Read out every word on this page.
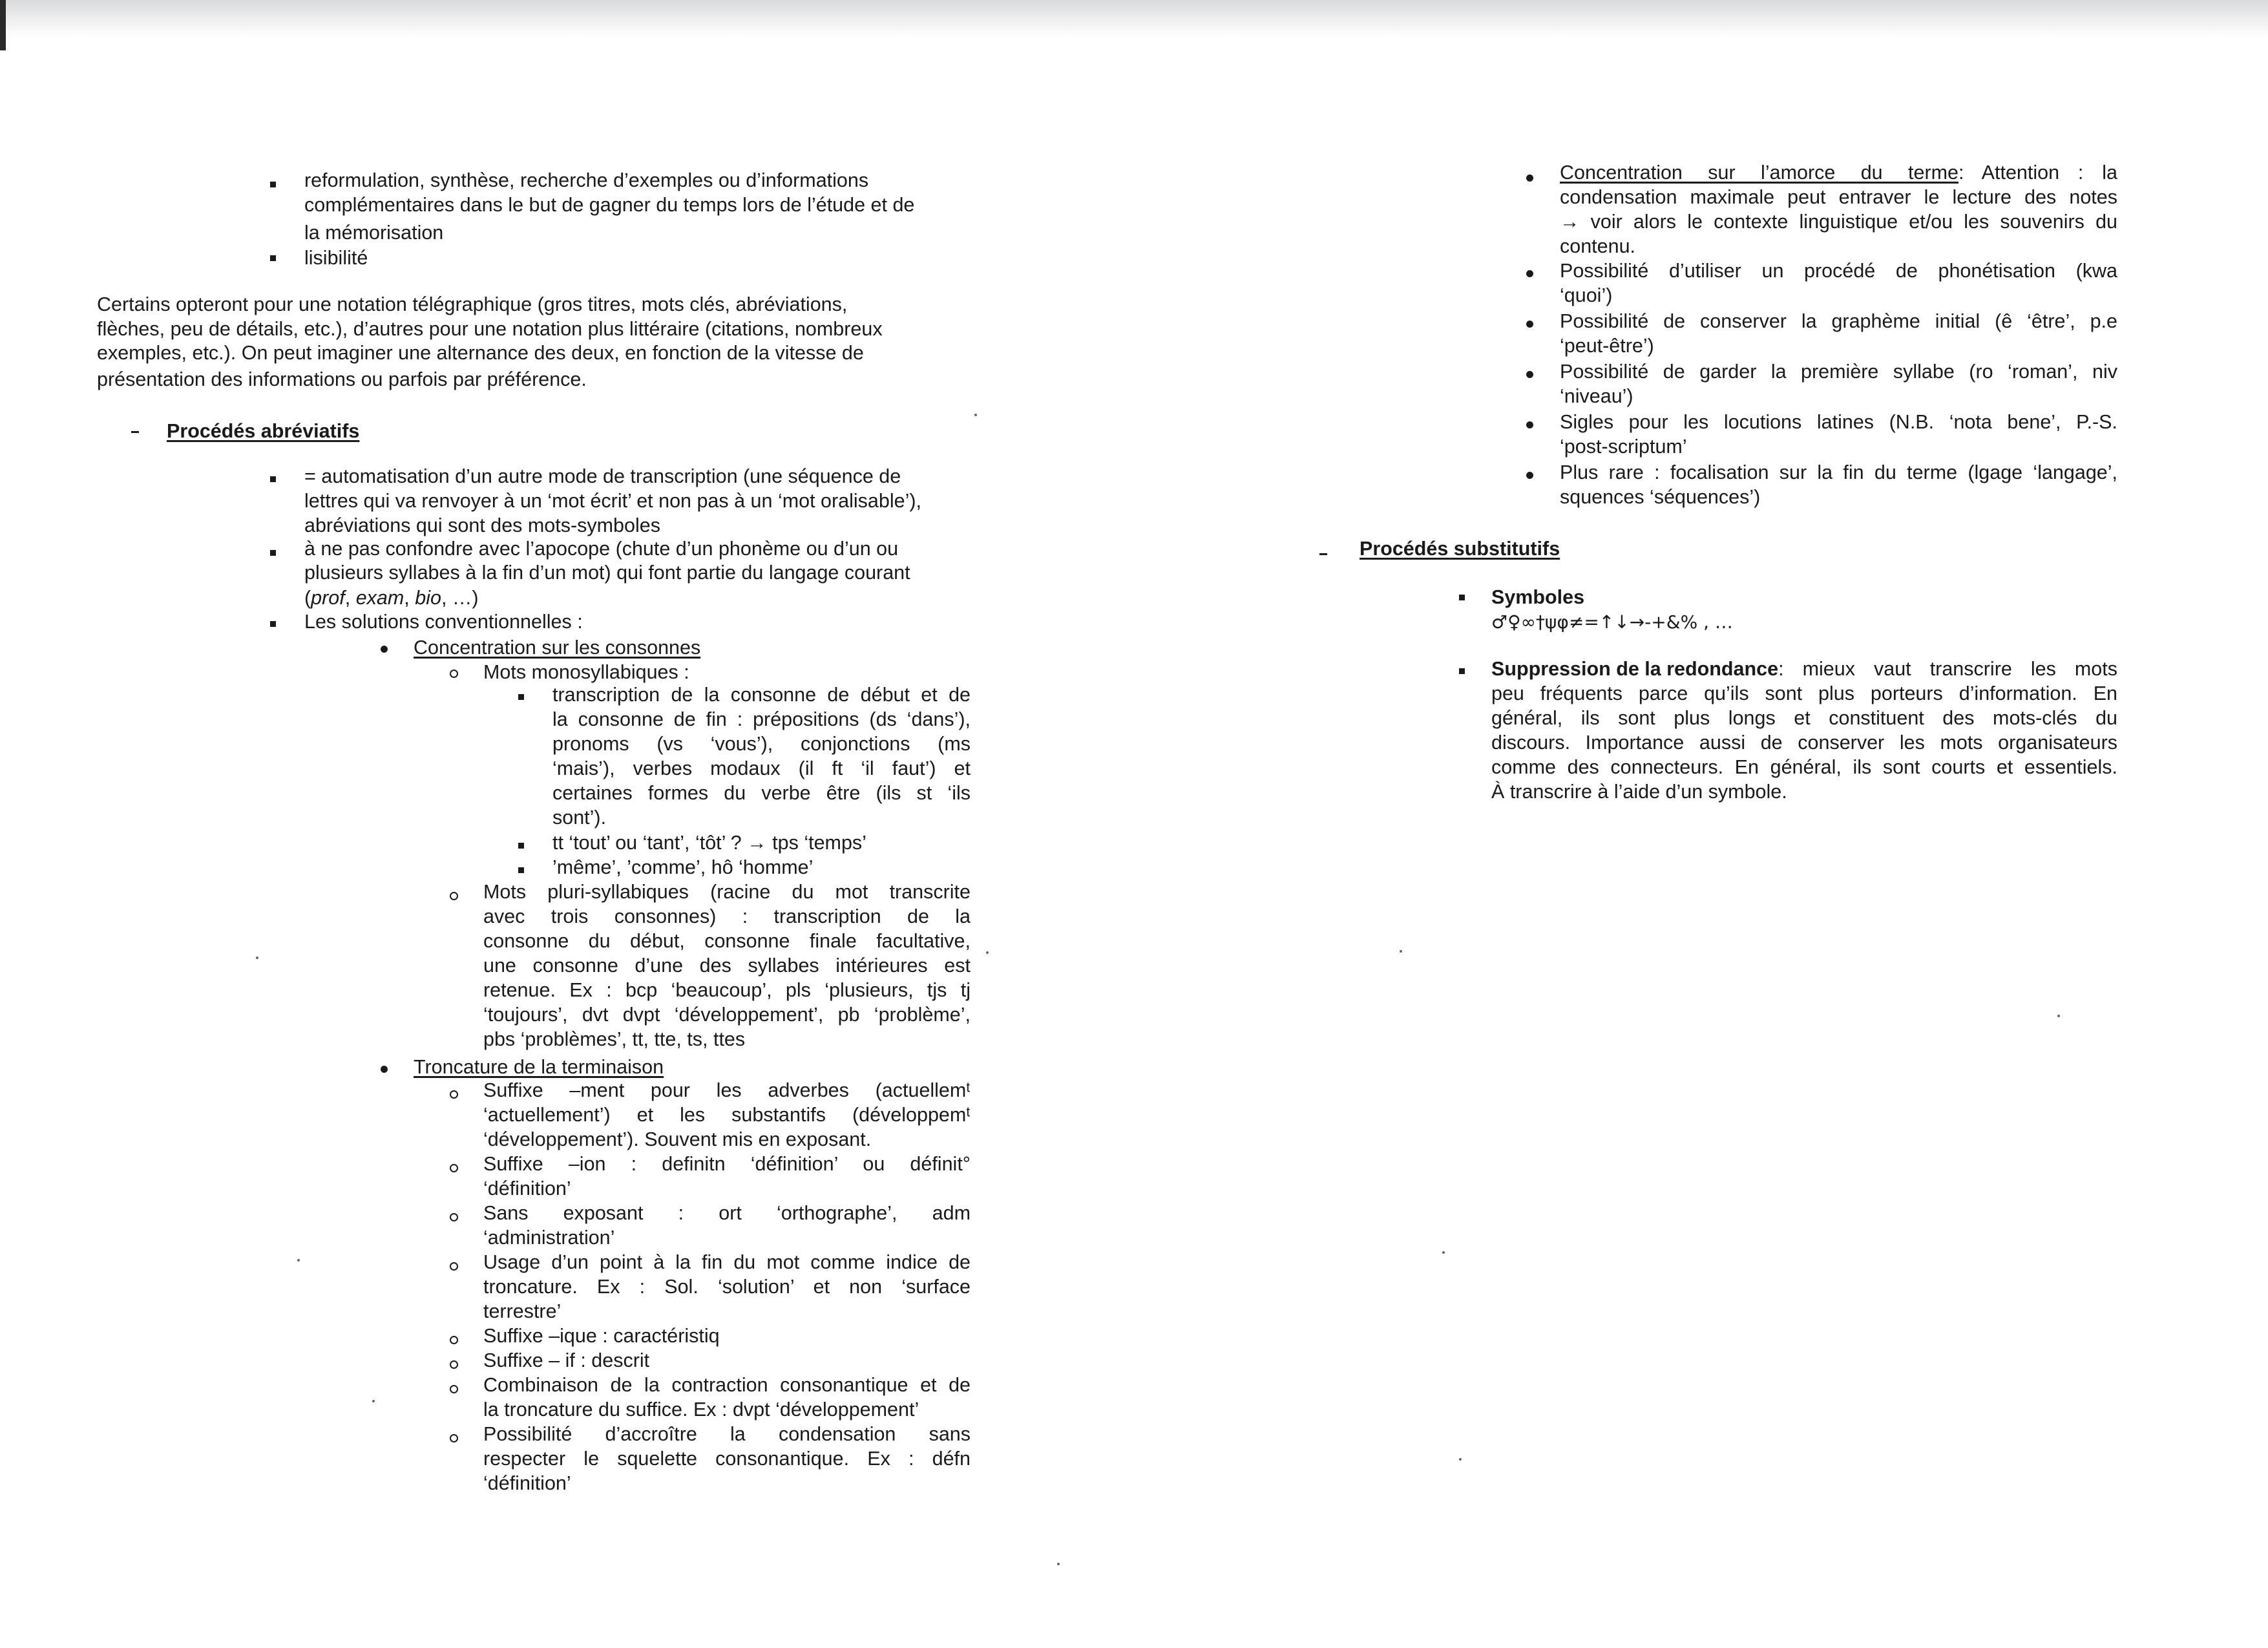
reformulation, synthèse, recherche d’exemples ou d’informations
complémentaires dans le but de gagner du temps lors de l’étude et de
la mémorisation
lisibilité
Certains opteront pour une notation télégraphique (gros titres, mots clés, abréviations,
flèches, peu de détails, etc.), d’autres pour une notation plus littéraire (citations, nombreux
exemples, etc.). On peut imaginer une alternance des deux, en fonction de la vitesse de
présentation des informations ou parfois par préférence.
Procédés abréviatifs
= automatisation d’un autre mode de transcription (une séquence de
lettres qui va renvoyer à un ‘mot écrit’ et non pas à un ‘mot oralisable’),
abréviations qui sont des mots-symboles
à ne pas confondre avec l’apocope (chute d’un phonème ou d’un ou
plusieurs syllabes à la fin d’un mot) qui font partie du langage courant
(prof, exam, bio, …)
Les solutions conventionnelles :
Concentration sur les consonnes
Mots monosyllabiques :
transcription de la consonne de début et de
la consonne de fin : prépositions (ds ‘dans’),
pronoms (vs ‘vous’), conjonctions (ms
‘mais’), verbes modaux (il ft ‘il faut’) et
certaines formes du verbe être (ils st ‘ils
sont’).
tt ‘tout’ ou ‘tant’, ‘tôt’ ? → tps ‘temps’
’même’, ’comme’, hô ‘homme’
Mots pluri-syllabiques (racine du mot transcrite
avec trois consonnes) : transcription de la
consonne du début, consonne finale facultative,
une consonne d’une des syllabes intérieures est
retenue. Ex : bcp ‘beaucoup’, pls ‘plusieurs, tjs tj
‘toujours’, dvt dvpt ‘développement’, pb ‘problème’,
pbs ‘problèmes’, tt, tte, ts, ttes
Troncature de la terminaison
Suffixe –ment pour les adverbes (actuellemᵗ
‘actuellement’) et les substantifs (développemᵗ
‘développement’). Souvent mis en exposant.
Suffixe –ion : definitn ‘définition’ ou définit°
‘définition’
Sans exposant : ort ‘orthographe’, adm
‘administration’
Usage d’un point à la fin du mot comme indice de
troncature. Ex : Sol. ‘solution’ et non ‘surface
terrestre’
Suffixe –ique : caractéristiq
Suffixe – if : descrit
Combinaison de la contraction consonantique et de
la troncature du suffice. Ex : dvpt ‘développement’
Possibilité d’accroître la condensation sans
respecter le squelette consonantique. Ex : défn
‘définition’
Concentration sur l’amorce du terme : Attention : la
condensation maximale peut entraver le lecture des notes
→ voir alors le contexte linguistique et/ou les souvenirs du
contenu.
Possibilité d’utiliser un procédé de phonétisation (kwa
‘quoi’)
Possibilité de conserver la graphème initial (ê ‘être’, p.e
‘peut-être’)
Possibilité de garder la première syllabe (ro ‘roman’, niv
‘niveau’)
Sigles pour les locutions latines (N.B. ‘nota bene’, P.-S.
‘post-scriptum’
Plus rare : focalisation sur la fin du terme (lgage ‘langage’,
squences ‘séquences’)
Procédés substitutifs
Symboles
♂♀∞†ψφ≠=↑↓→-+&% , …
Suppression de la redondance : mieux vaut transcrire les mots
peu fréquents parce qu’ils sont plus porteurs d’information. En
général, ils sont plus longs et constituent des mots-clés du
discours. Importance aussi de conserver les mots organisateurs
comme des connecteurs. En général, ils sont courts et essentiels.
À transcrire à l’aide d’un symbole.
